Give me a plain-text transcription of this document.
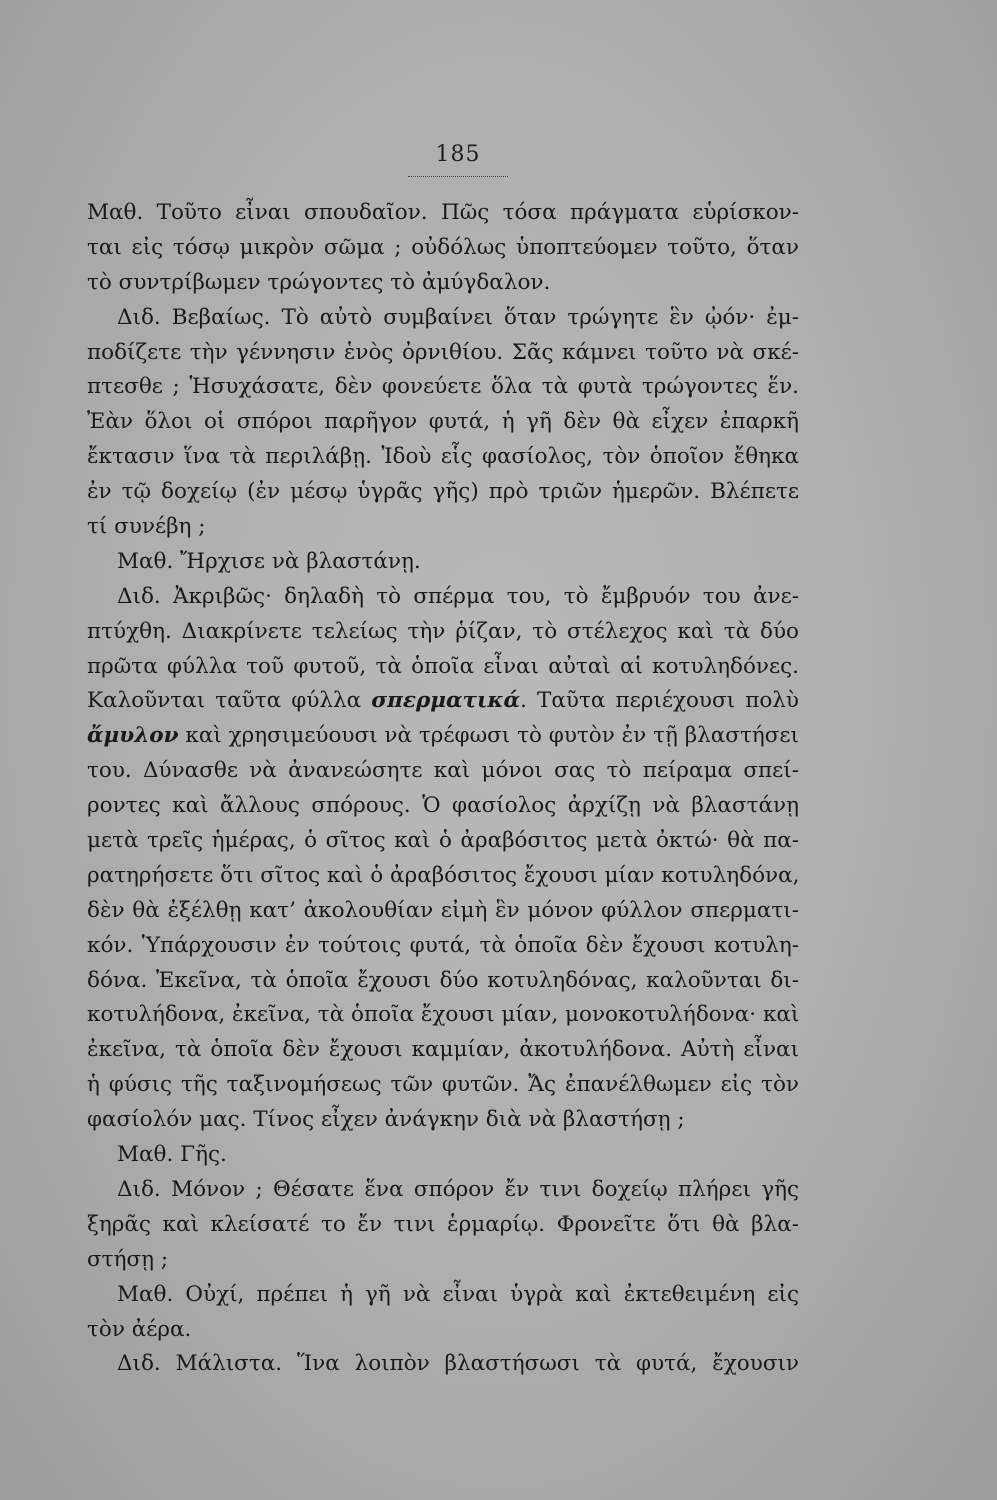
185
Μαθ. Τοῦτο εἶναι σπουδαῖον. Πῶς τόσα πράγματα εὑρίσκον-
ται εἰς τόσῳ μικρὸν σῶμα ; οὐδόλως ὑποπτεύομεν τοῦτο, ὅταν
τὸ συντρίβωμεν τρώγοντες τὸ ἀμύγδαλον.
Διδ. Βεβαίως. Τὸ αὐτὸ συμβαίνει ὅταν τρώγητε ἓν ᾠόν· ἐμ-
ποδίζετε τὴν γέννησιν ἑνὸς ὀρνιθίου. Σᾶς κάμνει τοῦτο νὰ σκέ-
πτεσθε ; Ἡσυχάσατε, δὲν φονεύετε ὅλα τὰ φυτὰ τρώγοντες ἕν.
Ἐὰν ὅλοι οἱ σπόροι παρῆγον φυτά, ἡ γῆ δὲν θὰ εἶχεν ἐπαρκῆ
ἔκτασιν ἵνα τὰ περιλάβῃ. Ἰδοὺ εἷς φασίολος, τὸν ὁποῖον ἔθηκα
ἐν τῷ δοχείῳ (ἐν μέσῳ ὑγρᾶς γῆς) πρὸ τριῶν ἡμερῶν. Βλέπετε
τί συνέβη ;
Μαθ. Ἤρχισε νὰ βλαστάνῃ.
Διδ. Ἀκριβῶς· δηλαδὴ τὸ σπέρμα του, τὸ ἔμβρυόν του ἀνε-
πτύχθη. Διακρίνετε τελείως τὴν ῥίζαν, τὸ στέλεχος καὶ τὰ δύο
πρῶτα φύλλα τοῦ φυτοῦ, τὰ ὁποῖα εἶναι αὐταὶ αἱ κοτυληδόνες.
Καλοῦνται ταῦτα φύλλα σπερματικά. Ταῦτα περιέχουσι πολὺ
ἄμυλον καὶ χρησιμεύουσι νὰ τρέφωσι τὸ φυτὸν ἐν τῇ βλαστήσει
του. Δύνασθε νὰ ἀνανεώσητε καὶ μόνοι σας τὸ πείραμα σπεί-
ροντες καὶ ἄλλους σπόρους. Ὁ φασίολος ἀρχίζῃ νὰ βλαστάνῃ
μετὰ τρεῖς ἡμέρας, ὁ σῖτος καὶ ὁ ἀραβόσιτος μετὰ ὀκτώ· θὰ πα-
ρατηρήσετε ὅτι σῖτος καὶ ὁ ἀραβόσιτος ἔχουσι μίαν κοτυληδόνα,
δὲν θὰ ἐξέλθῃ κατ’ ἀκολουθίαν εἰμὴ ἓν μόνον φύλλον σπερματι-
κόν. Ὑπάρχουσιν ἐν τούτοις φυτά, τὰ ὁποῖα δὲν ἔχουσι κοτυλη-
δόνα. Ἐκεῖνα, τὰ ὁποῖα ἔχουσι δύο κοτυληδόνας, καλοῦνται δι-
κοτυλήδονα, ἐκεῖνα, τὰ ὁποῖα ἔχουσι μίαν, μονοκοτυλήδονα· καὶ
ἐκεῖνα, τὰ ὁποῖα δὲν ἔχουσι καμμίαν, ἀκοτυλήδονα. Αὐτὴ εἶναι
ἡ φύσις τῆς ταξινομήσεως τῶν φυτῶν. Ἄς ἐπανέλθωμεν εἰς τὸν
φασίολόν μας. Τίνος εἶχεν ἀνάγκην διὰ νὰ βλαστήσῃ ;
Μαθ. Γῆς.
Διδ. Μόνον ; Θέσατε ἕνα σπόρον ἔν τινι δοχείῳ πλήρει γῆς
ξηρᾶς καὶ κλείσατέ το ἔν τινι ἑρμαρίῳ. Φρονεῖτε ὅτι θὰ βλα-
στήσῃ ;
Μαθ. Οὐχί, πρέπει ἡ γῆ νὰ εἶναι ὑγρὰ καὶ ἐκτεθειμένη εἰς
τὸν ἀέρα.
Διδ. Μάλιστα. Ἵνα λοιπὸν βλαστήσωσι τὰ φυτά, ἔχουσιν
